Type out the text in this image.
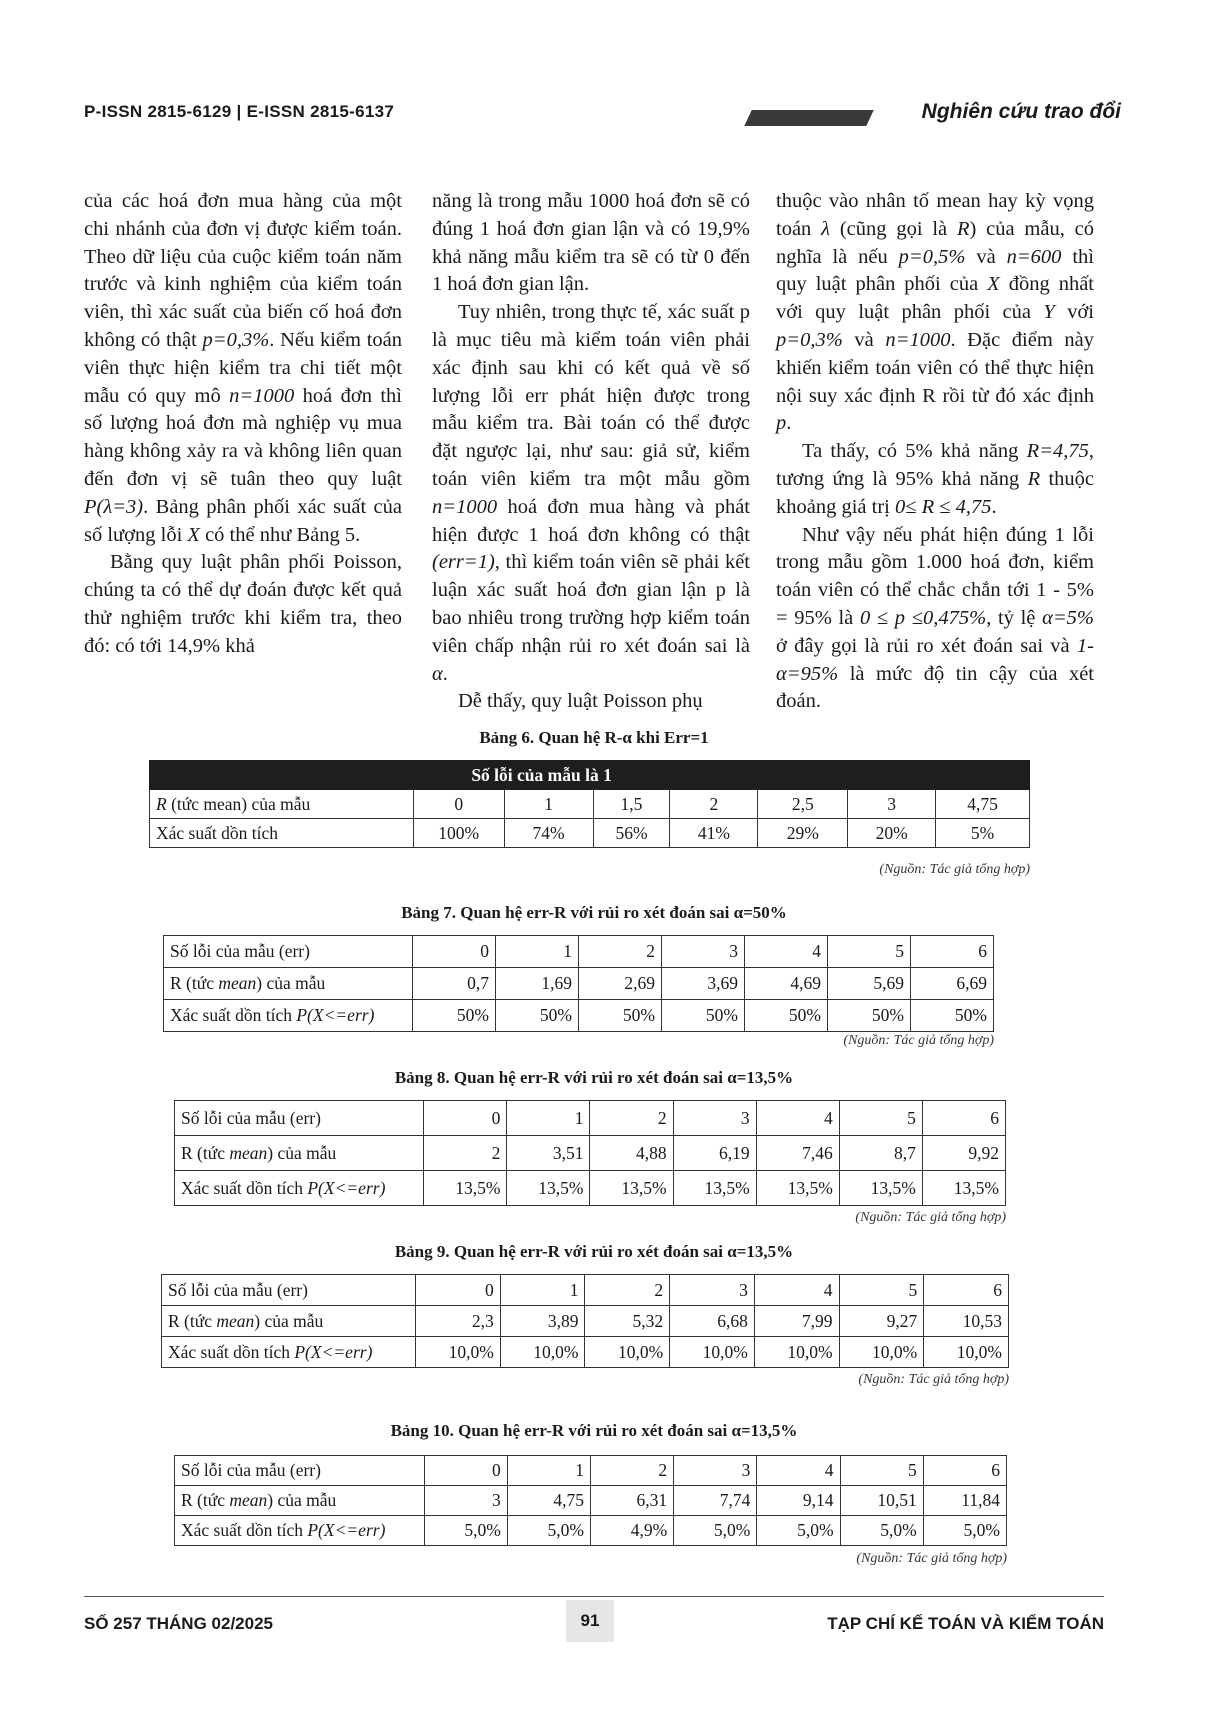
P-ISSN 2815-6129 | E-ISSN 2815-6137	Nghiên cứu trao đổi

của các hoá đơn mua hàng của một chi nhánh của đơn vị được kiểm toán. Theo dữ liệu của cuộc kiểm toán năm trước và kinh nghiệm của kiểm toán viên, thì xác suất của biến cố hoá đơn không có thật p=0,3%. Nếu kiểm toán viên thực hiện kiểm tra chi tiết một mẫu có quy mô n=1000 hoá đơn thì số lượng hoá đơn mà nghiệp vụ mua hàng không xảy ra và không liên quan đến đơn vị sẽ tuân theo quy luật P(λ=3). Bảng phân phối xác suất của số lượng lỗi X có thể như Bảng 5.

Bằng quy luật phân phối Poisson, chúng ta có thể dự đoán được kết quả thử nghiệm trước khi kiểm tra, theo đó: có tới 14,9% khả

năng là trong mẫu 1000 hoá đơn sẽ có đúng 1 hoá đơn gian lận và có 19,9% khả năng mẫu kiểm tra sẽ có từ 0 đến 1 hoá đơn gian lận.

Tuy nhiên, trong thực tế, xác suất p là mục tiêu mà kiểm toán viên phải xác định sau khi có kết quả về số lượng lỗi err phát hiện được trong mẫu kiểm tra. Bài toán có thể được đặt ngược lại, như sau: giả sử, kiểm toán viên kiểm tra một mẫu gồm n=1000 hoá đơn mua hàng và phát hiện được 1 hoá đơn không có thật (err=1), thì kiểm toán viên sẽ phải kết luận xác suất hoá đơn gian lận p là bao nhiêu trong trường hợp kiểm toán viên chấp nhận rủi ro xét đoán sai là α.

Dễ thấy, quy luật Poisson phụ

thuộc vào nhân tố mean hay kỳ vọng toán λ (cũng gọi là R) của mẫu, có nghĩa là nếu p=0,5% và n=600 thì quy luật phân phối của X đồng nhất với quy luật phân phối của Y với p=0,3% và n=1000. Đặc điểm này khiến kiểm toán viên có thể thực hiện nội suy xác định R rồi từ đó xác định p.

Ta thấy, có 5% khả năng R=4,75, tương ứng là 95% khả năng R thuộc khoảng giá trị 0≤ R ≤ 4,75.

Như vậy nếu phát hiện đúng 1 lỗi trong mẫu gồm 1.000 hoá đơn, kiểm toán viên có thể chắc chắn tới 1 - 5% = 95% là 0 ≤ p ≤0,475%, tỷ lệ α=5% ở đây gọi là rủi ro xét đoán sai và 1- α=95% là mức độ tin cậy của xét đoán.

Bảng 6. Quan hệ R-α khi Err=1
	Số lỗi của mẫu là 1						
R (tức mean) của mẫu	0	1	1,5	2	2,5	3	4,75
Xác suất dồn tích	100%	74%	56%	41%	29%	20%	5%
(Nguồn: Tác giả tổng hợp)
Bảng 7. Quan hệ err-R với rủi ro xét đoán sai α=50%
Số lỗi của mẫu (err)	0	1	2	3	4	5	6
R (tức mean) của mẫu	0,7	1,69	2,69	3,69	4,69	5,69	6,69
Xác suất dồn tích P(X<=err)	50%	50%	50%	50%	50%	50%	50%
(Nguồn: Tác giả tổng hợp)
Bảng 8. Quan hệ err-R với rủi ro xét đoán sai α=13,5%
Số lỗi của mẫu (err)	0	1	2	3	4	5	6
R (tức mean) của mẫu	2	3,51	4,88	6,19	7,46	8,7	9,92
Xác suất dồn tích P(X<=err)	13,5%	13,5%	13,5%	13,5%	13,5%	13,5%	13,5%
(Nguồn: Tác giả tổng hợp)
Bảng 9. Quan hệ err-R với rủi ro xét đoán sai α=13,5%
Số lỗi của mẫu (err)	0	1	2	3	4	5	6
R (tức mean) của mẫu	2,3	3,89	5,32	6,68	7,99	9,27	10,53
Xác suất dồn tích P(X<=err)	10,0%	10,0%	10,0%	10,0%	10,0%	10,0%	10,0%
(Nguồn: Tác giả tổng hợp)
Bảng 10. Quan hệ err-R với rủi ro xét đoán sai α=13,5%
Số lỗi của mẫu (err)	0	1	2	3	4	5	6
R (tức mean) của mẫu	3	4,75	6,31	7,74	9,14	10,51	11,84
Xác suất dồn tích P(X<=err)	5,0%	5,0%	4,9%	5,0%	5,0%	5,0%	5,0%
(Nguồn: Tác giả tổng hợp)
SỐ 257 THÁNG 02/2025	91	TẠP CHÍ KẾ TOÁN VÀ KIỂM TOÁN
